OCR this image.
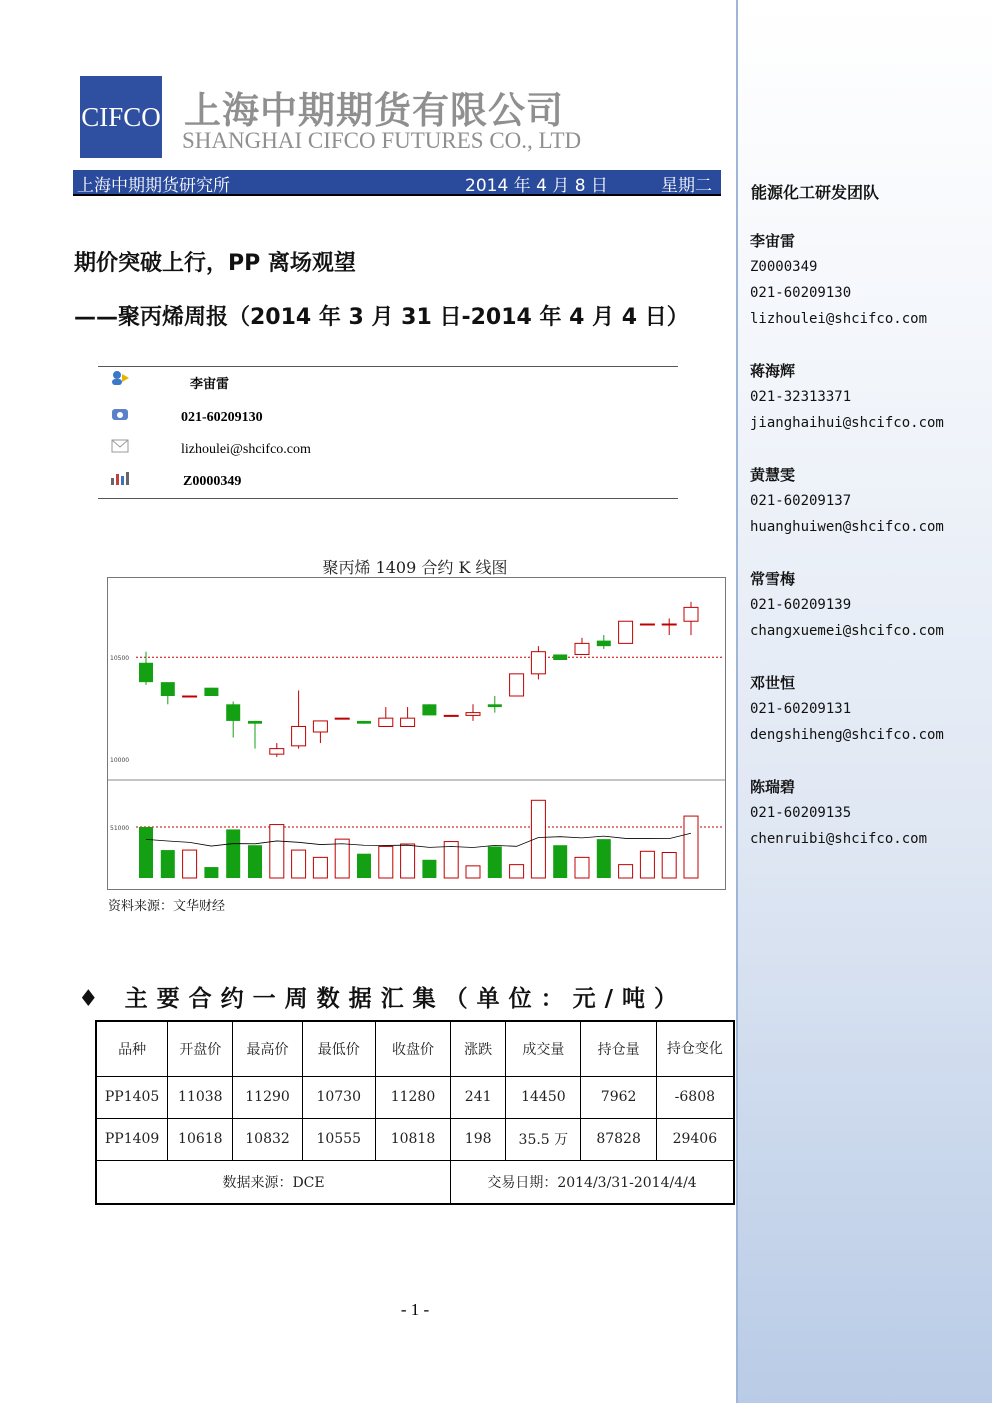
能源化工研发团队
李宙雷
Z0000349
021-60209130
lizhoulei@shcifco.com
蒋海辉
021-32313371
jianghaihui@shcifco.com
黄慧雯
021-60209137
huanghuiwen@shcifco.com
常雪梅
021-60209139
changxuemei@shcifco.com
邓世恒
021-60209131
dengshiheng@shcifco.com
陈瑞碧
021-60209135
chenruibi@shcifco.com
CIFCO 上海中期期货有限公司
SHANGHAI CIFCO FUTURES CO., LTD
上海中期期货研究所	2014 年 4 月 8 日	星期二
期价突破上行，PP 离场观望
——聚丙烯周报（2014 年 3 月 31 日-2014 年 4 月 4 日）
李宙雷
021-60209130
lizhoulei@shcifco.com
Z0000349
聚丙烯 1409 合约 K 线图
10500
10000
51000
资料来源：文华财经
♦ 主要合约一周数据汇集（单位：元/吨）
品种	开盘价	最高价	最低价	收盘价	涨跌	成交量	持仓量	持仓变化
PP1405	11038	11290	10730	11280	241	14450	7962	-6808
PP1409	10618	10832	10555	10818	198	35.5 万	87828	29406
数据来源：DCE					交易日期：2014/3/31-2014/4/4			
- 1 -
